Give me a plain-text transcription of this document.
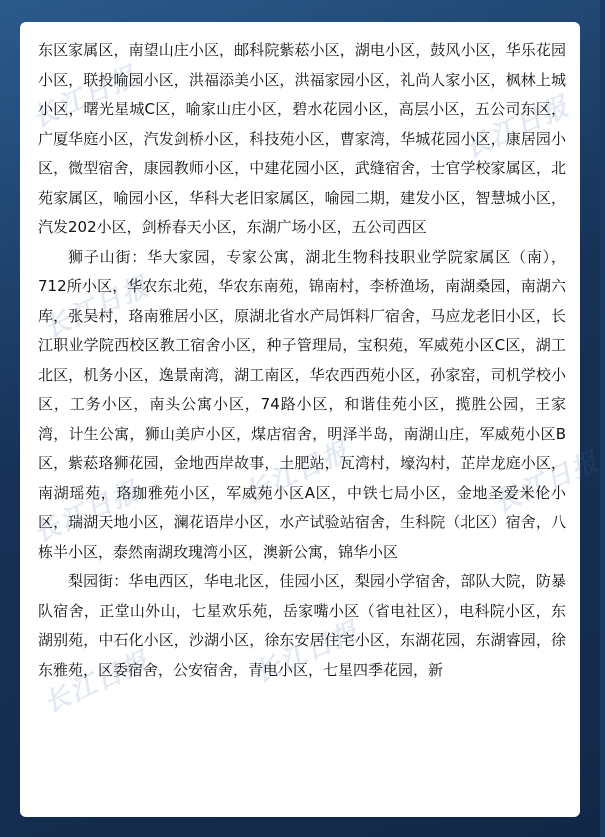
长江日报	长江日报
长江日报
长江日报
长江日报
长江日报
长江日报	长江日报

东区家属区，南望山庄小区，邮科院紫菘小区，湖电小区，鼓风小区，华乐花园小区，联投喻园小区，洪福添美小区，洪福家园小区，礼尚人家小区，枫林上城小区，曙光星城C区，喻家山庄小区，碧水花园小区，高层小区，五公司东区，广厦华庭小区，汽发剑桥小区，科技苑小区，曹家湾，华城花园小区，康居园小区，微型宿舍，康园教师小区，中建花园小区，武缝宿舍，士官学校家属区，北苑家属区，喻园小区，华科大老旧家属区，喻园二期，建发小区，智慧城小区，汽发202小区，剑桥春天小区，东湖广场小区，五公司西区

狮子山街：华大家园，专家公寓，湖北生物科技职业学院家属区（南），712所小区，华农东北苑，华农东南苑，锦南村，李桥渔场，南湖桑园，南湖六库，张吴村，珞南雅居小区，原湖北省水产局饵料厂宿舍，马应龙老旧小区，长江职业学院西校区教工宿舍小区，种子管理局，宝积苑，军威苑小区C区，湖工北区，机务小区，逸景南湾，湖工南区，华农西西苑小区，孙家窑，司机学校小区，工务小区，南头公寓小区，74路小区，和谐佳苑小区，揽胜公园，王家湾，计生公寓，狮山美庐小区，煤店宿舍，明泽半岛，南湖山庄，军威苑小区B区，紫菘珞狮花园，金地西岸故事，土肥站，瓦湾村，壕沟村，芷岸龙庭小区，南湖瑶苑，珞珈雅苑小区，军威苑小区A区，中铁七局小区，金地圣爱米伦小区，瑞湖天地小区，澜花语岸小区，水产试验站宿舍，生科院（北区）宿舍，八栋半小区，泰然南湖玫瑰湾小区，澳新公寓，锦华小区

梨园街：华电西区，华电北区，佳园小区，梨园小学宿舍，部队大院，防暴队宿舍，正堂山外山，七星欢乐苑，岳家嘴小区（省电社区），电科院小区，东湖别苑，中石化小区，沙湖小区，徐东安居住宅小区，东湖花园，东湖睿园，徐东雅苑，区委宿舍，公安宿舍，青电小区，七星四季花园，新
